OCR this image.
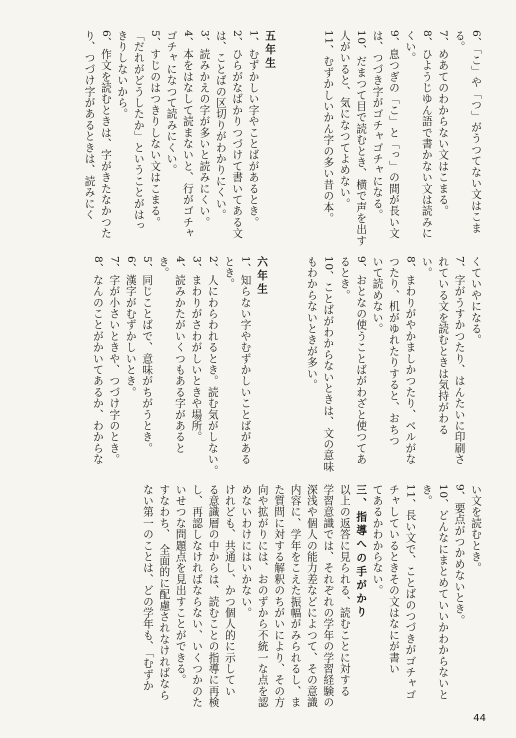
6、「こ」や「つ」がうつてない文はこま
る。
7、めあてのわからない文はこまる。
8、ひようじゆん語で書かない文は読みに
くい。
9、息つぎの「こ」と「っ」の間が長い文
は、つづき字がゴチャゴチャになる。
10、だまつて目で読むとき、横で声を出す
人がいると、気になつてよめない。
11、むずかしいかん字の多い昔の本。
五年生
1、むずかしい字やことばがあるとき。
2、ひらがなばかりつづけて書いてある文
は、ことばの区切りがわかりにくい。
3、読みかえの字が多いと読みにくい。
4、本をはなして読まないと、行がゴチャ
ゴチャになつて読みにくい。
5、すじのはつきりしない文はこまる。
「だれがどうしたか」ということがはっ
きりしないから。
6、作文を読むときは、字がきたなかつた
り、つづけ字があるときは、読みにく
くていやになる。
7、字がうすかつたり、はんたいに印刷さ
れている文を読むときは気持がわる
い。
8、まわりがやかましかつたり、ベルがな
つたり、机がゆれたりすると、おちつ
いて読めない。
9、おとなの使うことばがわざと使つてあ
るとき。
10、ことばがわからないときは、文の意味
もわからないときが多い。
六年生
1、知らない字やむずかしいことばがある
とき。
2、人にわらわれるとき。読む気がしない。
3、まわりがさわがしいときや場所。
4、読みかたがいくつもある字があると
き。
5、同じことばで、意味がちがうとき。
6、漢字がむずかしいとき。
7、字が小さいときや、つづけ字のとき。
8、なんのことがかいてあるか、わからな
い文を読むとき。
9、要点がつかめないとき。
10、どんなにまとめていいかわからないと
き。
11、長い文で、ことばのつづきがゴチャゴ
チャしているときその文はなにが書い
てあるかわからない。
三、指導への手がかり
以上の返答に見られる、読むことに対する
学習意識では、それぞれの学年の学習経験の
深浅や個人の能力差などによつて、その意識
内容に、学年をこえた振幅がみられるし、ま
た質問に対する解釈のちがいにより、その方
向や拡がりには、おのずから不統一な点を認
めないわけにはいかない。
けれども、共通し、かつ個人的に示してい
る意識層の中からは、読むことの指導に再検
し、再認しなければならない、いくつかのた
いせつな問題点を見出すことができる。
すなわち、 全面的に配慮されなければなら
ない第一のことは、どの学年も、「むずか
44
